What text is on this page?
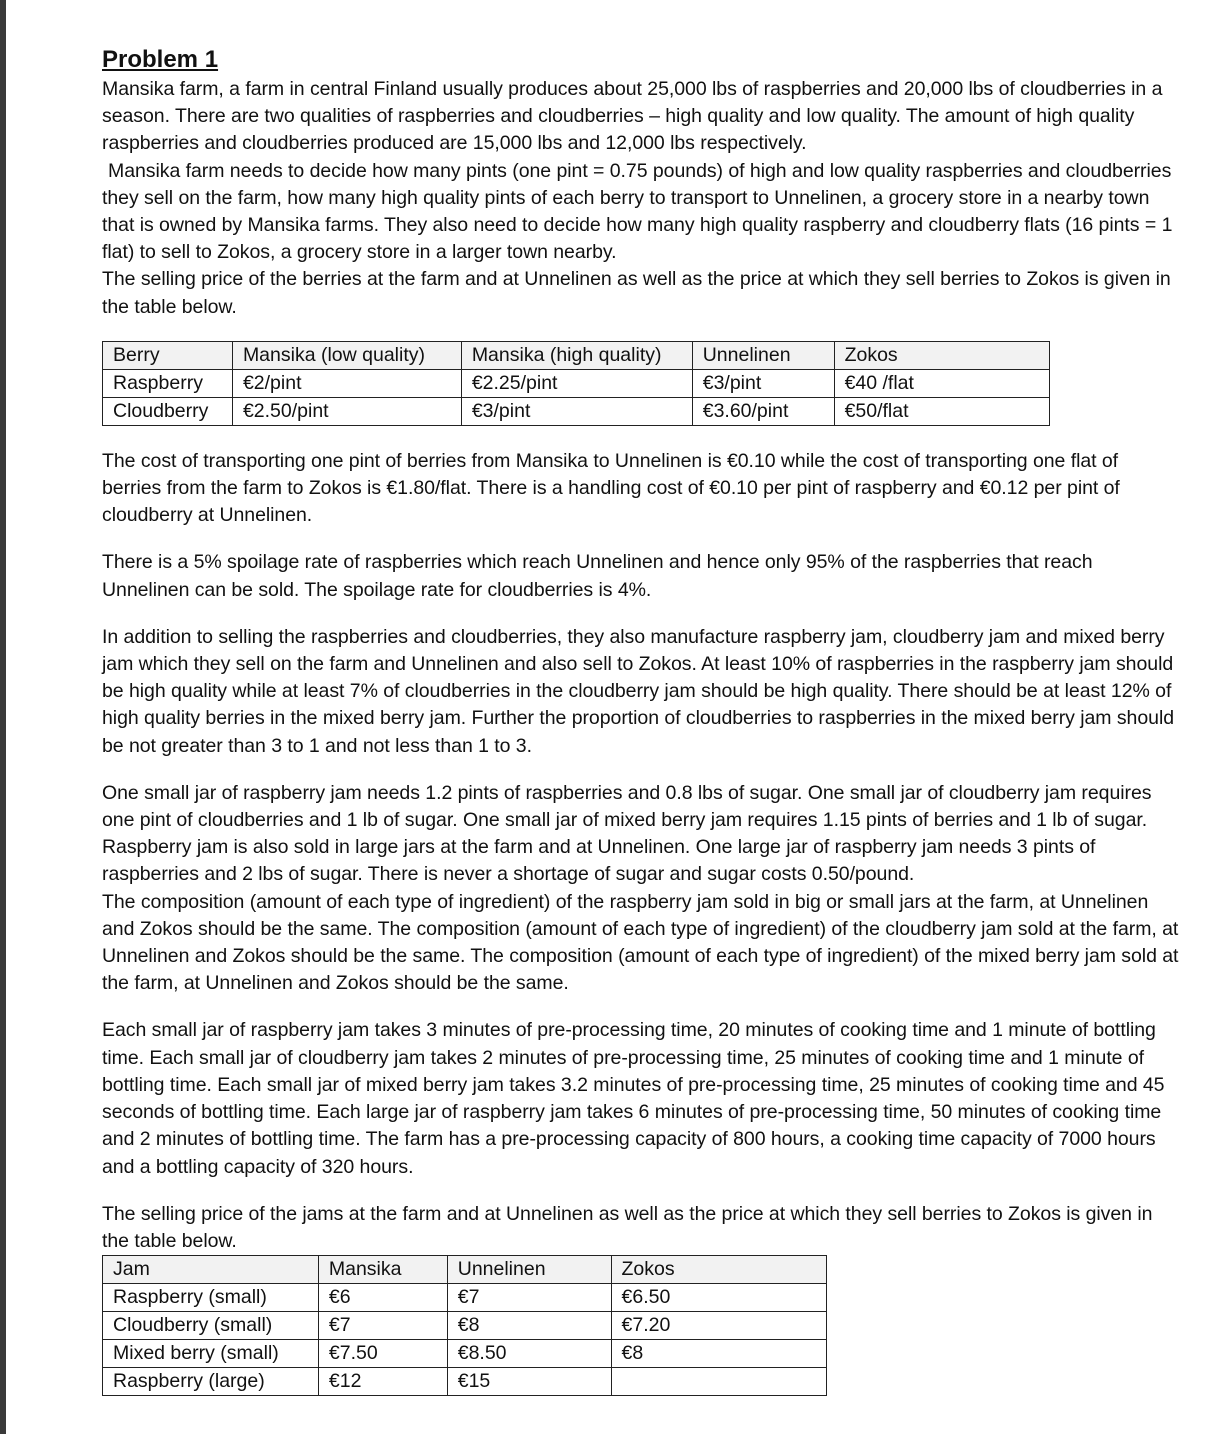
Problem 1

Mansika farm, a farm in central Finland usually produces about 25,000 lbs of raspberries and 20,000 lbs of cloudberries in a season. There are two qualities of raspberries and cloudberries – high quality and low quality. The amount of high quality raspberries and cloudberries produced are 15,000 lbs and 12,000 lbs respectively.

Mansika farm needs to decide how many pints (one pint = 0.75 pounds) of high and low quality raspberries and cloudberries they sell on the farm, how many high quality pints of each berry to transport to Unnelinen, a grocery store in a nearby town that is owned by Mansika farms. They also need to decide how many high quality raspberry and cloudberry flats (16 pints = 1 flat) to sell to Zokos, a grocery store in a larger town nearby.

The selling price of the berries at the farm and at Unnelinen as well as the price at which they sell berries to Zokos is given in the table below.

Berry	Mansika (low quality)	Mansika (high quality)	Unnelinen	Zokos
Raspberry	€2/pint	€2.25/pint	€3/pint	€40 /flat
Cloudberry	€2.50/pint	€3/pint	€3.60/pint	€50/flat

The cost of transporting one pint of berries from Mansika to Unnelinen is €0.10 while the cost of transporting one flat of berries from the farm to Zokos is €1.80/flat. There is a handling cost of €0.10 per pint of raspberry and €0.12 per pint of cloudberry at Unnelinen.

There is a 5% spoilage rate of raspberries which reach Unnelinen and hence only 95% of the raspberries that reach Unnelinen can be sold. The spoilage rate for cloudberries is 4%.

In addition to selling the raspberries and cloudberries, they also manufacture raspberry jam, cloudberry jam and mixed berry jam which they sell on the farm and Unnelinen and also sell to Zokos. At least 10% of raspberries in the raspberry jam should be high quality while at least 7% of cloudberries in the cloudberry jam should be high quality. There should be at least 12% of high quality berries in the mixed berry jam. Further the proportion of cloudberries to raspberries in the mixed berry jam should be not greater than 3 to 1 and not less than 1 to 3.

One small jar of raspberry jam needs 1.2 pints of raspberries and 0.8 lbs of sugar. One small jar of cloudberry jam requires one pint of cloudberries and 1 lb of sugar. One small jar of mixed berry jam requires 1.15 pints of berries and 1 lb of sugar. Raspberry jam is also sold in large jars at the farm and at Unnelinen. One large jar of raspberry jam needs 3 pints of raspberries and 2 lbs of sugar. There is never a shortage of sugar and sugar costs 0.50/pound.

The composition (amount of each type of ingredient) of the raspberry jam sold in big or small jars at the farm, at Unnelinen and Zokos should be the same. The composition (amount of each type of ingredient) of the cloudberry jam sold at the farm, at Unnelinen and Zokos should be the same. The composition (amount of each type of ingredient) of the mixed berry jam sold at the farm, at Unnelinen and Zokos should be the same.

Each small jar of raspberry jam takes 3 minutes of pre-processing time, 20 minutes of cooking time and 1 minute of bottling time. Each small jar of cloudberry jam takes 2 minutes of pre-processing time, 25 minutes of cooking time and 1 minute of bottling time. Each small jar of mixed berry jam takes 3.2 minutes of pre-processing time, 25 minutes of cooking time and 45 seconds of bottling time. Each large jar of raspberry jam takes 6 minutes of pre-processing time, 50 minutes of cooking time and 2 minutes of bottling time. The farm has a pre-processing capacity of 800 hours, a cooking time capacity of 7000 hours and a bottling capacity of 320 hours.

The selling price of the jams at the farm and at Unnelinen as well as the price at which they sell berries to Zokos is given in the table below.

Jam	Mansika	Unnelinen	Zokos
Raspberry (small)	€6	€7	€6.50
Cloudberry (small)	€7	€8	€7.20
Mixed berry (small)	€7.50	€8.50	€8
Raspberry (large)	€12	€15	
